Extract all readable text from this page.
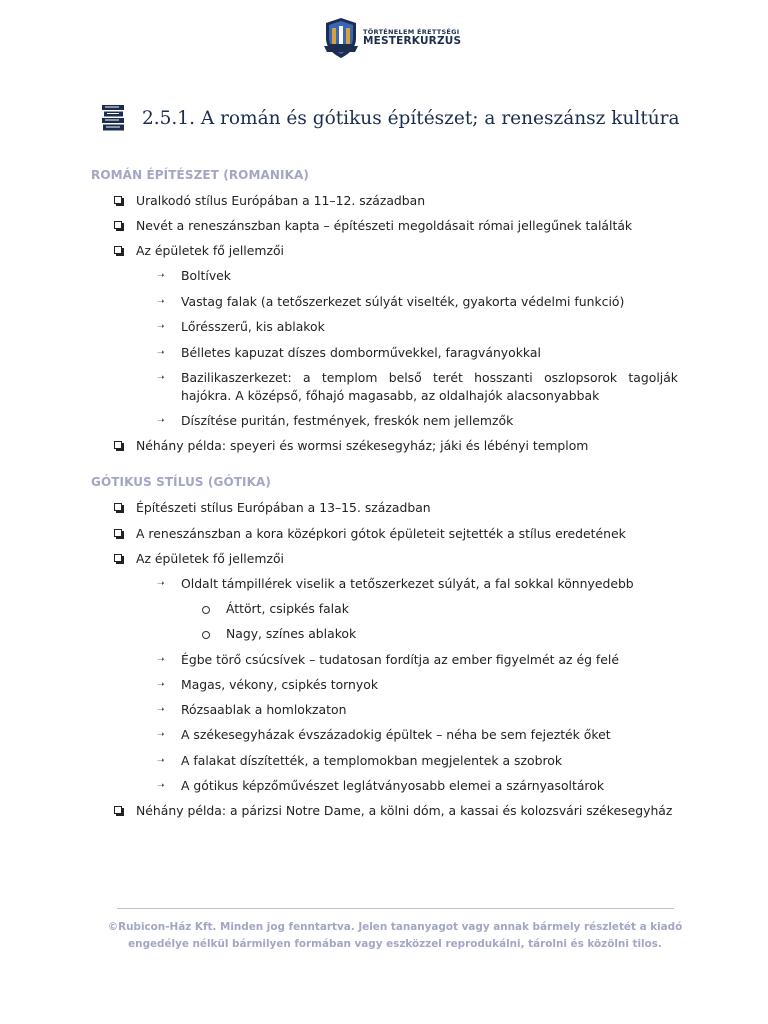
TÖRTÉNELEM ÉRETTSÉGI
MESTERKURZUS
2.5.1. A román és gótikus építészet; a reneszánsz kultúra
ROMÁN ÉPÍTÉSZET (ROMANIKA)
Uralkodó stílus Európában a 11–12. században
Nevét a reneszánszban kapta – építészeti megoldásait római jellegűnek találták
Az épületek fő jellemzői
➝ Boltívek
➝ Vastag falak (a tetőszerkezet súlyát viselték, gyakorta védelmi funkció)
➝ Lőrésszerű, kis ablakok
➝ Bélletes kapuzat díszes domborművekkel, faragványokkal
➝ Bazilikaszerkezet: a templom belső terét hosszanti oszlopsorok tagolják hajókra. A középső, főhajó magasabb, az oldalhajók alacsonyabbak
➝ Díszítése puritán, festmények, freskók nem jellemzők
Néhány példa: speyeri és wormsi székesegyház; jáki és lébényi templom
GÓTIKUS STÍLUS (GÓTIKA)
Építészeti stílus Európában a 13–15. században
A reneszánszban a kora középkori gótok épületeit sejtették a stílus eredetének
Az épületek fő jellemzői
➝ Oldalt támpillérek viselik a tetőszerkezet súlyát, a fal sokkal könnyedebb
Áttört, csipkés falak
Nagy, színes ablakok
➝ Égbe törő csúcsívek – tudatosan fordítja az ember figyelmét az ég felé
➝ Magas, vékony, csipkés tornyok
➝ Rózsaablak a homlokzaton
➝ A székesegyházak évszázadokig épültek – néha be sem fejezték őket
➝ A falakat díszítették, a templomokban megjelentek a szobrok
➝ A gótikus képzőművészet leglátványosabb elemei a szárnyasoltárok
Néhány példa: a párizsi Notre Dame, a kölni dóm, a kassai és kolozsvári székesegyház
©Rubicon-Ház Kft. Minden jog fenntartva. Jelen tananyagot vagy annak bármely részletét a kiadó
engedélye nélkül bármilyen formában vagy eszközzel reprodukálni, tárolni és közölni tilos.
